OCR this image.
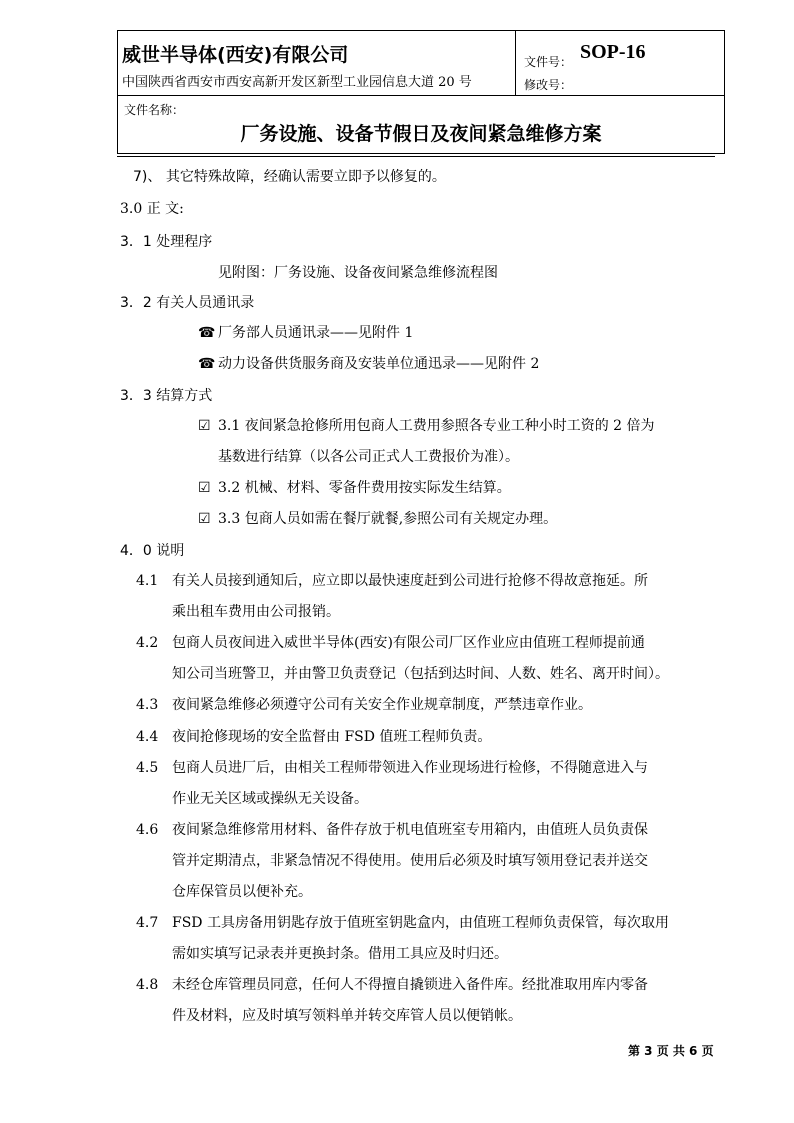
威世半导体(西安)有限公司
中国陕西省西安市西安高新开发区新型工业园信息大道 20 号
文件号： SOP-16
修改号：
文件名称：
厂务设施、设备节假日及夜间紧急维修方案
7)、 其它特殊故障，经确认需要立即予以修复的。
3.0 正 文:
3．1 处理程序
见附图：厂务设施、设备夜间紧急维修流程图
3．2 有关人员通讯录
☎ 厂务部人员通讯录——见附件 1
☎ 动力设备供货服务商及安装单位通迅录——见附件 2
3．3 结算方式
☑ 3.1 夜间紧急抢修所用包商人工费用参照各专业工种小时工资的 2 倍为
基数进行结算（以各公司正式人工费报价为准）。
☑ 3.2 机械、材料、零备件费用按实际发生结算。
☑ 3.3 包商人员如需在餐厅就餐,参照公司有关规定办理。
4．0 说明
4.1 有关人员接到通知后，应立即以最快速度赶到公司进行抢修不得故意拖延。所
乘出租车费用由公司报销。
4.2 包商人员夜间进入威世半导体(西安)有限公司厂区作业应由值班工程师提前通
知公司当班警卫，并由警卫负责登记（包括到达时间、人数、姓名、离开时间）。
4.3 夜间紧急维修必须遵守公司有关安全作业规章制度，严禁违章作业。
4.4 夜间抢修现场的安全监督由 FSD 值班工程师负责。
4.5 包商人员进厂后，由相关工程师带领进入作业现场进行检修，不得随意进入与
作业无关区域或操纵无关设备。
4.6 夜间紧急维修常用材料、备件存放于机电值班室专用箱内，由值班人员负责保
管并定期清点，非紧急情况不得使用。使用后必须及时填写领用登记表并送交
仓库保管员以便补充。
4.7 FSD 工具房备用钥匙存放于值班室钥匙盒内，由值班工程师负责保管，每次取用
需如实填写记录表并更换封条。借用工具应及时归还。
4.8 未经仓库管理员同意，任何人不得擅自撬锁进入备件库。经批准取用库内零备
件及材料，应及时填写领料单并转交库管人员以便销帐。
第 3 页 共 6 页
